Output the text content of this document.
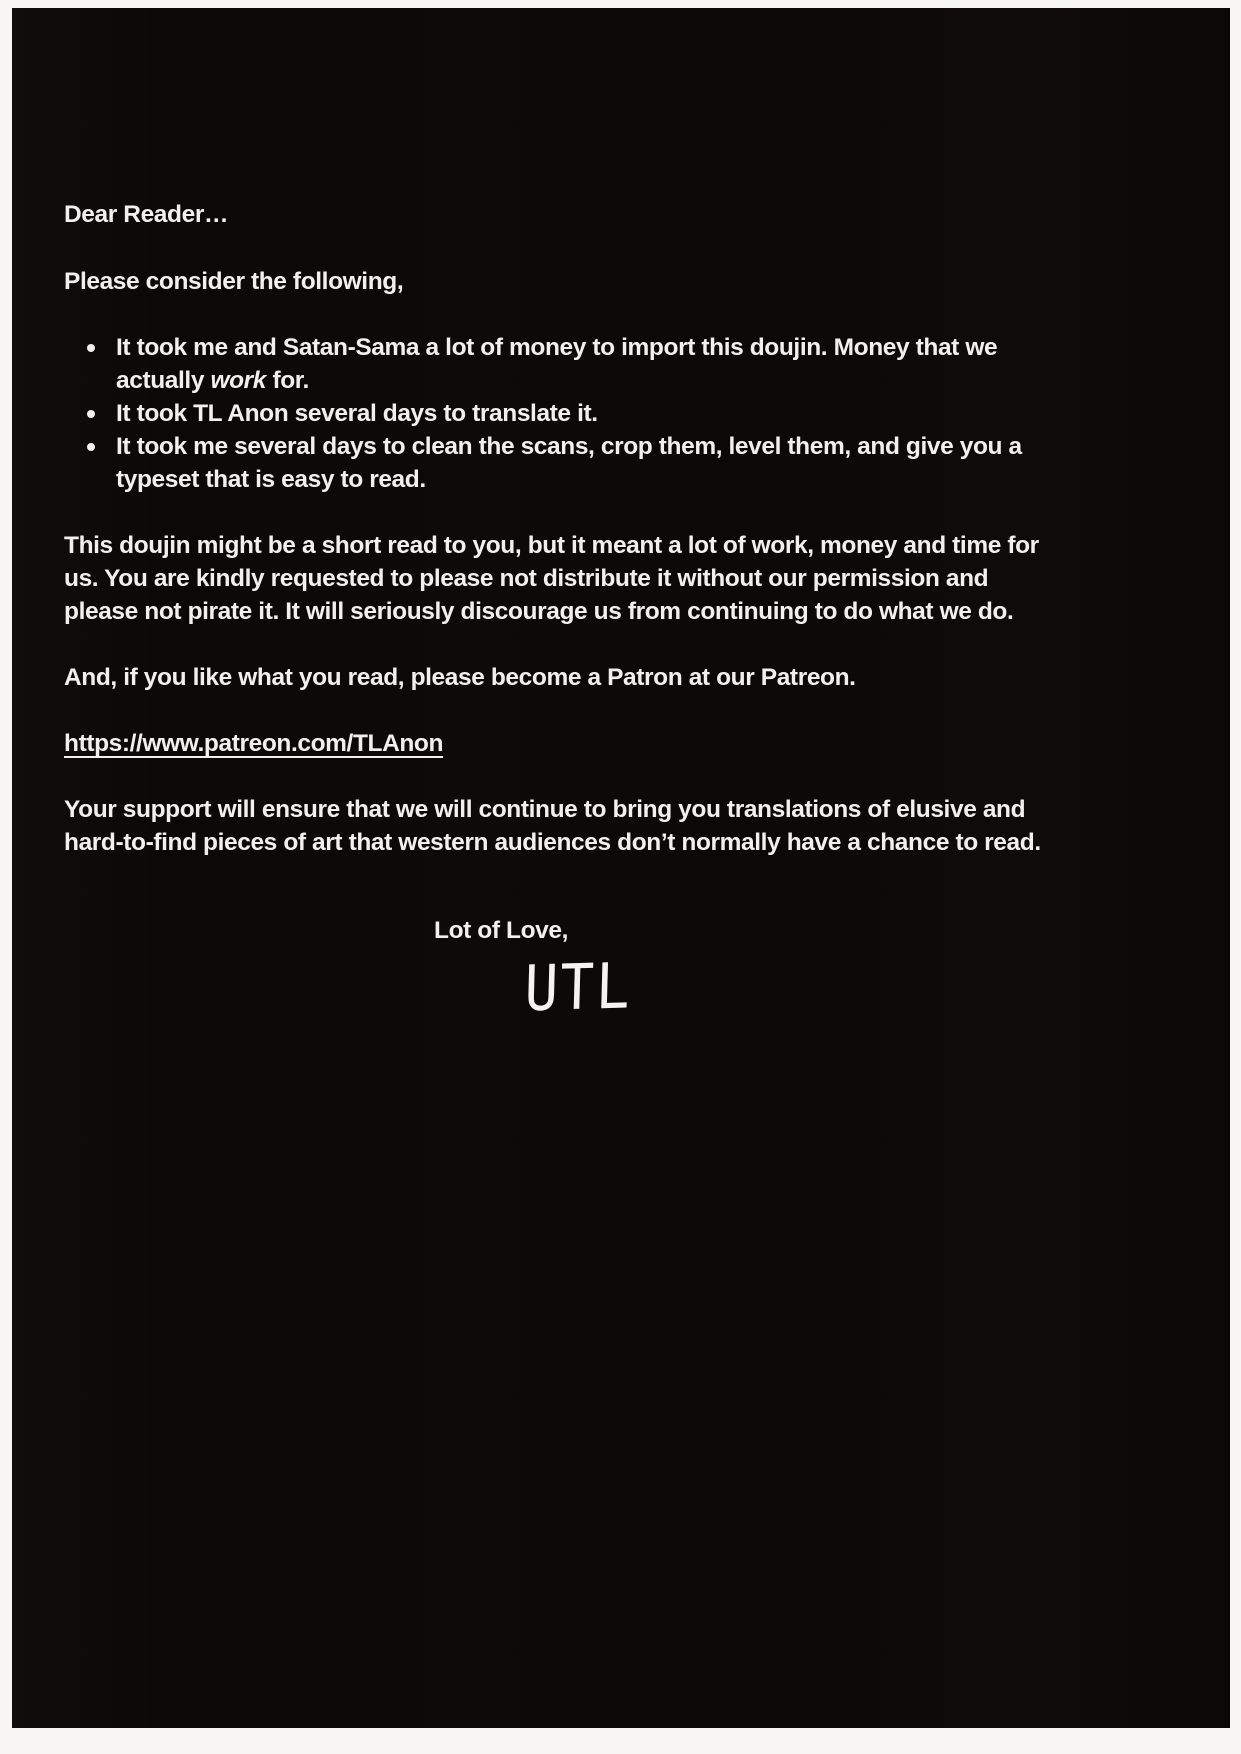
Dear Reader…

Please consider the following,

It took me and Satan-Sama a lot of money to import this doujin. Money that we actually work for.
It took TL Anon several days to translate it.
It took me several days to clean the scans, crop them, level them, and give you a typeset that is easy to read.

This doujin might be a short read to you, but it meant a lot of work, money and time for us. You are kindly requested to please not distribute it without our permission and please not pirate it. It will seriously discourage us from continuing to do what we do.

And, if you like what you read, please become a Patron at our Patreon.

https://www.patreon.com/TLAnon

Your support will ensure that we will continue to bring you translations of elusive and hard-to-find pieces of art that western audiences don’t normally have a chance to read.

Lot of Love,

UTL
